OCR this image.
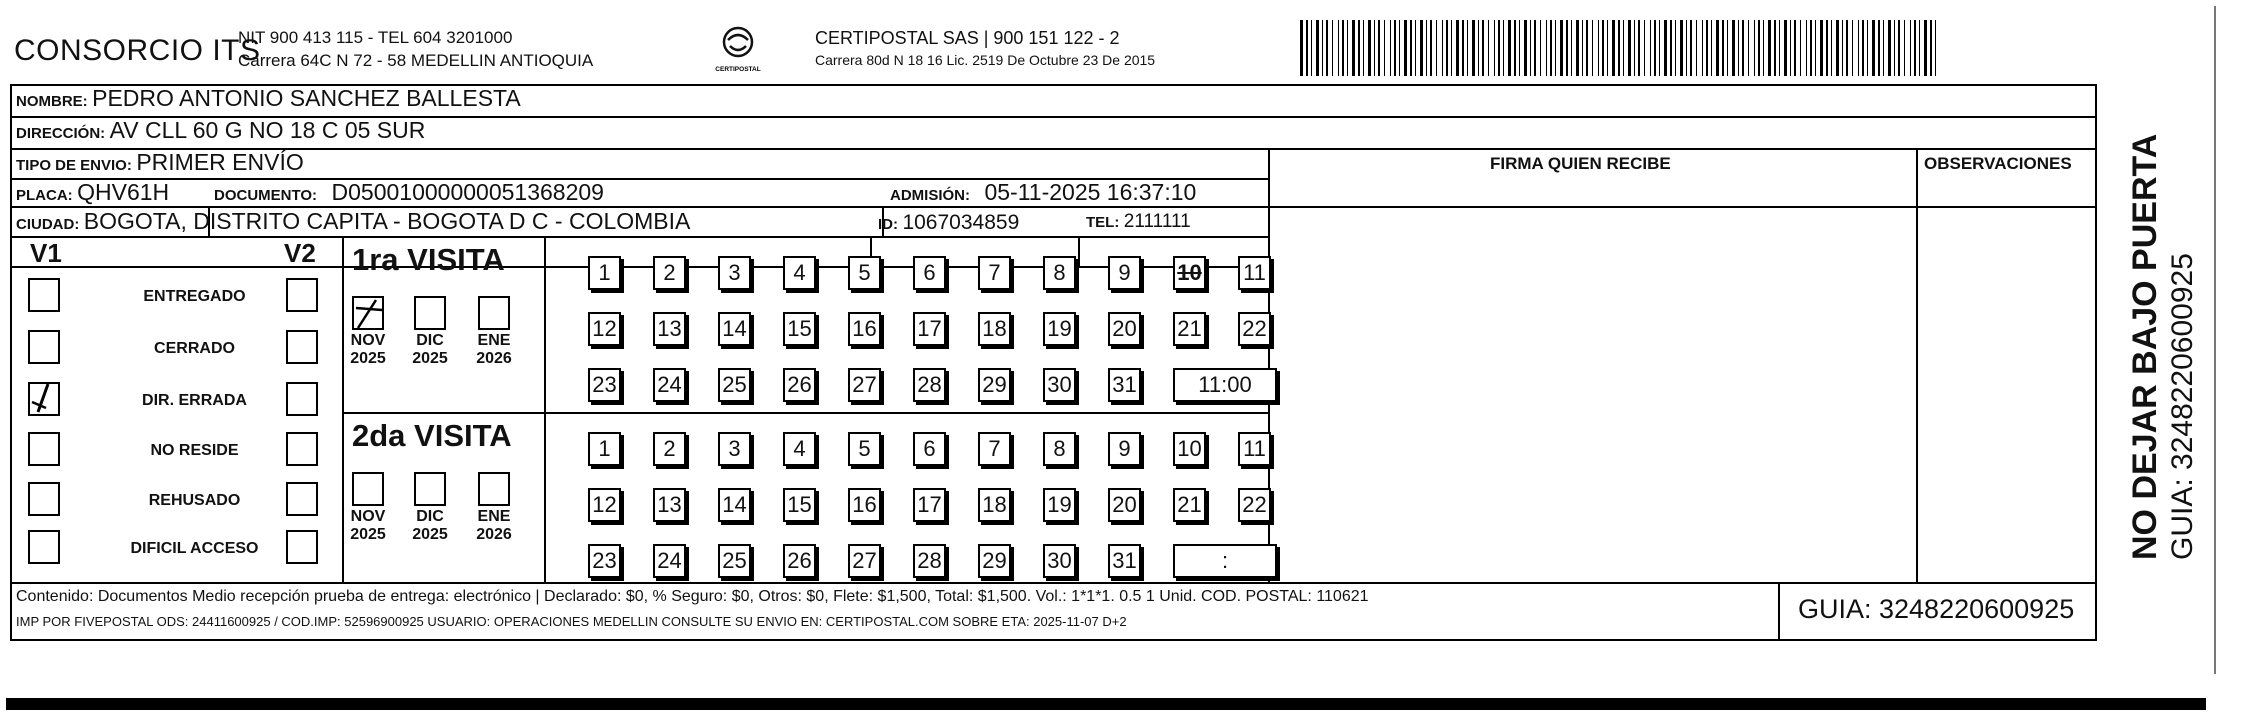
CONSORCIO ITS
NIT 900 413 115 - TEL 604 3201000
Carrera 64C N 72 - 58 MEDELLIN ANTIOQUIA	CERTIPOSTAL
CERTIPOSTAL SAS | 900 151 122 - 2
Carrera 80d N 18 16 Lic. 2519 De Octubre 23 De 2015
NOMBRE: PEDRO ANTONIO SANCHEZ BALLESTA
DIRECCIÓN: AV CLL 60 G NO 18 C 05 SUR
TIPO DE ENVIO: PRIMER ENVÍO	FIRMA QUIEN RECIBE	OBSERVACIONES
PLACA: QHV61H	DOCUMENTO: D05001000000051368209	ADMISIÓN: 05-11-2025 16:37:10
CIUDAD: BOGOTA, DISTRITO CAPITA - BOGOTA D C - COLOMBIA	ID: 1067034859	TEL: 2111111
V1	V2
ENTREGADO
CERRADO
DIR. ERRADA
NO RESIDE
REHUSADO
DIFICIL ACCESO
1ra VISITA
NOV
2025
DIC
2025
ENE
2026
1	2	3	4	5	6	7	8	9	10 11
12 13 14 15 16 17 18 19 20 21 22
23 24 25 26 27 28 29 30 31	11:00
2da VISITA
NOV
2025
DIC
2025
ENE
2026
1	2	3	4	5	6	7	8	9	10 11
12 13 14 15 16 17 18 19 20 21 22
23 24 25 26 27 28 29 30 31	:
Contenido: Documentos Medio recepción prueba de entrega: electrónico | Declarado: $0, % Seguro: $0, Otros: $0, Flete: $1,500, Total: $1,500. Vol.: 1*1*1. 0.5 1 Unid. COD. POSTAL: 110621
IMP POR FIVEPOSTAL ODS: 24411600925 / COD.IMP: 52596900925 USUARIO: OPERACIONES MEDELLIN CONSULTE SU ENVIO EN: CERTIPOSTAL.COM SOBRE ETA: 2025-11-07 D+2	GUIA: 3248220600925
NO DEJAR BAJO PUERTA GUIA: 3248220600925
